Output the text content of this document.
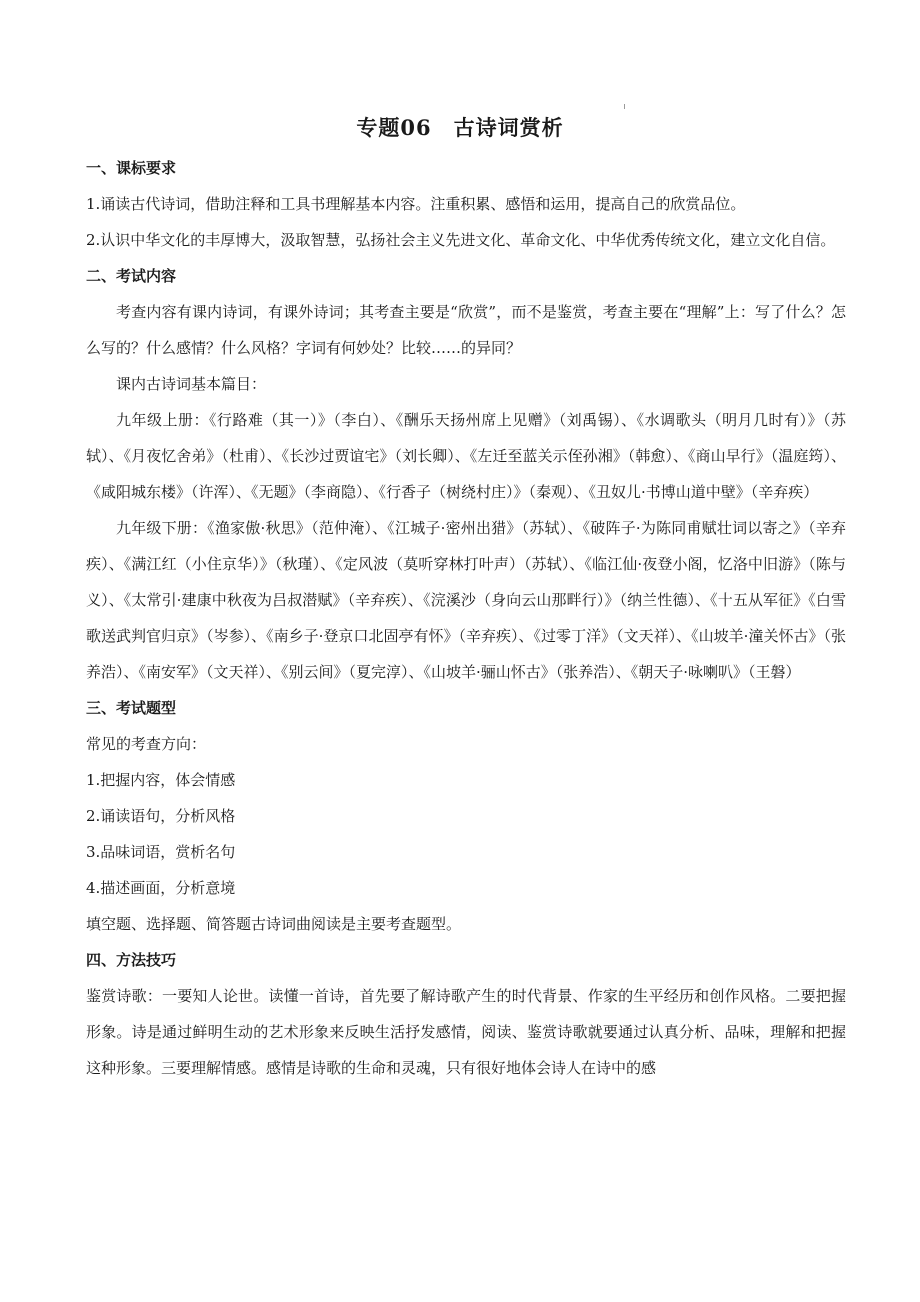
专题06　古诗词赏析

一、课标要求

1.诵读古代诗词，借助注释和工具书理解基本内容。注重积累、感悟和运用，提高自己的欣赏品位。

2.认识中华文化的丰厚博大，汲取智慧，弘扬社会主义先进文化、革命文化、中华优秀传统文化，建立文化自信。

二、考试内容

考查内容有课内诗词，有课外诗词；其考查主要是“欣赏”，而不是鉴赏，考查主要在“理解”上：写了什么？怎么写的？什么感情？什么风格？字词有何妙处？比较……的异同？

课内古诗词基本篇目：

九年级上册：《行路难（其一）》（李白）、《酬乐天扬州席上见赠》（刘禹锡）、《水调歌头（明月几时有）》（苏轼）、《月夜忆舍弟》（杜甫）、《长沙过贾谊宅》（刘长卿）、《左迁至蓝关示侄孙湘》（韩愈）、《商山早行》（温庭筠）、《咸阳城东楼》（许浑）、《无题》（李商隐）、《行香子（树绕村庄）》（秦观）、《丑奴儿·书博山道中壁》（辛弃疾）

九年级下册：《渔家傲·秋思》（范仲淹）、《江城子·密州出猎》（苏轼）、《破阵子·为陈同甫赋壮词以寄之》（辛弃疾）、《满江红（小住京华）》（秋瑾）、《定风波（莫听穿林打叶声）（苏轼）、《临江仙·夜登小阁，忆洛中旧游》（陈与义）、《太常引·建康中秋夜为吕叔潜赋》（辛弃疾）、《浣溪沙（身向云山那畔行）》（纳兰性德）、《十五从军征》《白雪歌送武判官归京》（岑参）、《南乡子·登京口北固亭有怀》（辛弃疾）、《过零丁洋》（文天祥）、《山坡羊·潼关怀古》（张养浩）、《南安军》（文天祥）、《别云间》（夏完淳）、《山坡羊·骊山怀古》（张养浩）、《朝天子·咏喇叭》（王磐）

三、考试题型

常见的考查方向：

1.把握内容，体会情感

2.诵读语句，分析风格

3.品味词语，赏析名句

4.描述画面，分析意境

填空题、选择题、简答题古诗词曲阅读是主要考查题型。

四、方法技巧

鉴赏诗歌：一要知人论世。读懂一首诗，首先要了解诗歌产生的时代背景、作家的生平经历和创作风格。二要把握形象。诗是通过鲜明生动的艺术形象来反映生活抒发感情，阅读、鉴赏诗歌就要通过认真分析、品味，理解和把握这种形象。三要理解情感。感情是诗歌的生命和灵魂，只有很好地体会诗人在诗中的感
